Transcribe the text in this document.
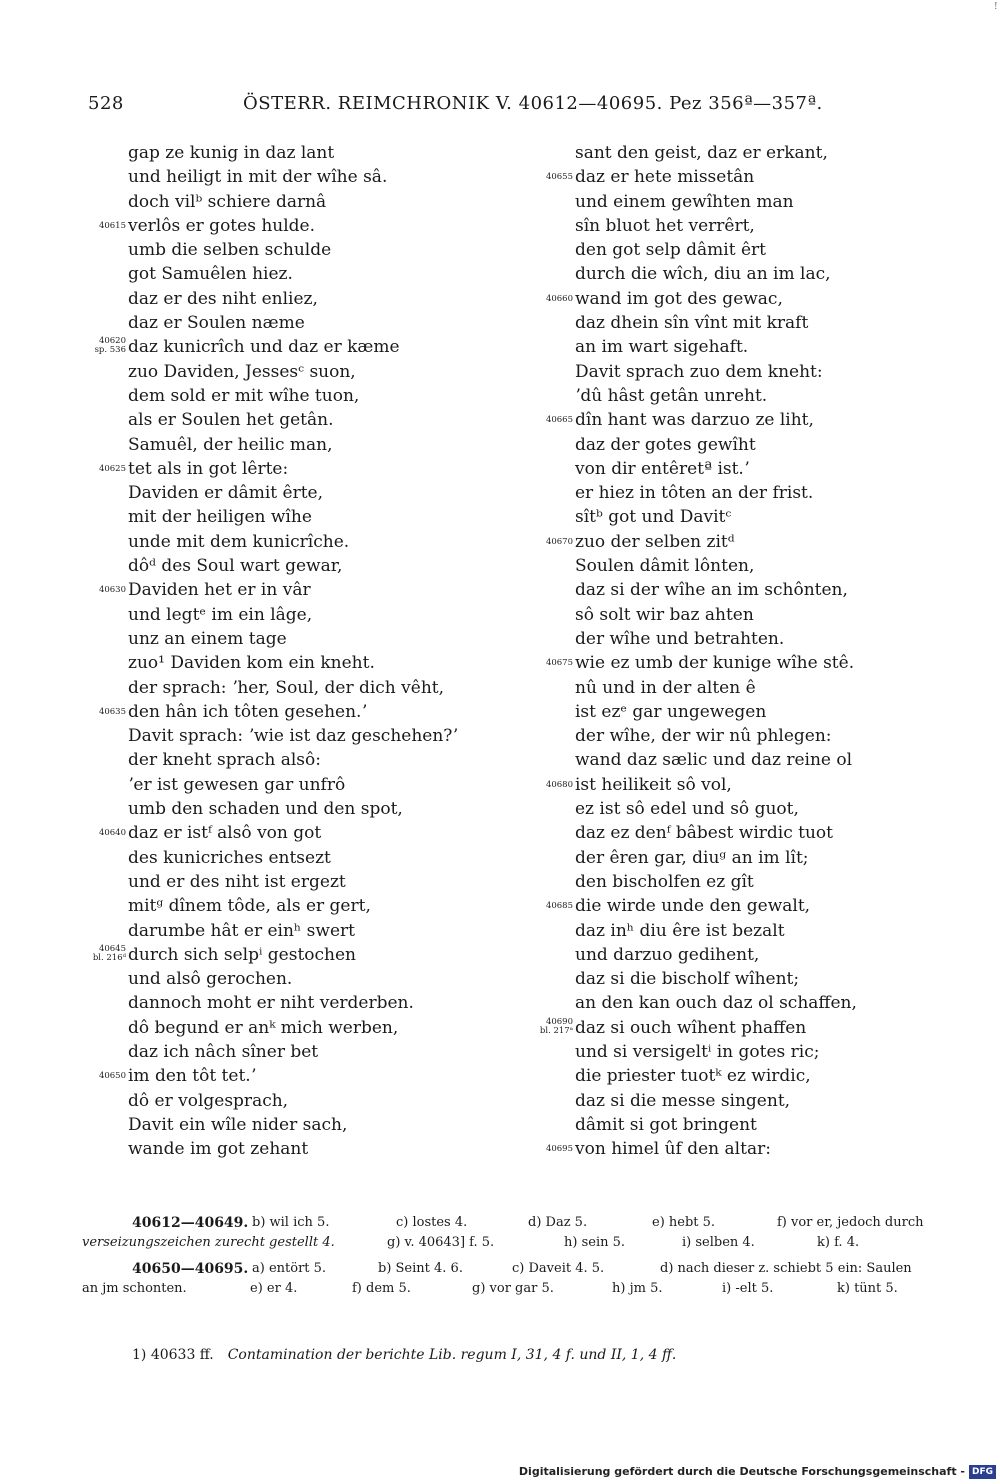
!
528	ÖSTERR. REIMCHRONIK V. 40612—40695. Pez 356ª—357ª.
gap ze kunig in daz lant
und heiligt in mit der wîhe sâ.
doch vilᵇ schiere darnâ
40615 verlôs er gotes hulde.
umb die selben schulde
got Samuêlen hiez.
daz er des niht enliez,
daz er Soulen næme
40620
sp. 536 daz kunicrîch und daz er kæme
zuo Daviden, Jessesᶜ suon,
dem sold er mit wîhe tuon,
als er Soulen het getân.
Samuêl, der heilic man,
40625 tet als in got lêrte:
Daviden er dâmit êrte,
mit der heiligen wîhe
unde mit dem kunicrîche.
dôᵈ des Soul wart gewar,
40630 Daviden het er in vâr
und legtᵉ im ein lâge,
unz an einem tage
zuo¹ Daviden kom ein kneht.
der sprach: ʼher, Soul, der dich vêht,
40635 den hân ich tôten gesehen.ʼ
Davit sprach: ʼwie ist daz geschehen?ʼ
der kneht sprach alsô:
ʼer ist gewesen gar unfrô
umb den schaden und den spot,
40640 daz er istᶠ alsô von got
des kunicriches entsezt
und er des niht ist ergezt
mitᵍ dînem tôde, als er gert,
darumbe hât er einʰ swert
40645
bl. 216ᵈ durch sich selpⁱ gestochen
und alsô gerochen.
dannoch moht er niht verderben.
dô begund er anᵏ mich werben,
daz ich nâch sîner bet
40650 im den tôt tet.ʼ
dô er volgesprach,
Davit ein wîle nider sach,
wande im got zehant
sant den geist, daz er erkant,
40655 daz er hete missetân
und einem gewîhten man
sîn bluot het verrêrt,
den got selp dâmit êrt
durch die wîch, diu an im lac,
40660 wand im got des gewac,
daz dhein sîn vînt mit kraft
an im wart sigehaft.
Davit sprach zuo dem kneht:
ʼdû hâst getân unreht.
40665 dîn hant was darzuo ze liht,
daz der gotes gewîht
von dir entêretª ist.ʼ
er hiez in tôten an der frist.
sîtᵇ got und Davitᶜ
40670 zuo der selben zitᵈ
Soulen dâmit lônten,
daz si der wîhe an im schônten,
sô solt wir baz ahten
der wîhe und betrahten.
40675 wie ez umb der kunige wîhe stê.
nû und in der alten ê
ist ezᵉ gar ungewegen
der wîhe, der wir nû phlegen:
wand daz sælic und daz reine ol
40680 ist heilikeit sô vol,
ez ist sô edel und sô guot,
daz ez denᶠ bâbest wirdic tuot
der êren gar, diuᵍ an im lît;
den bischolfen ez gît
40685 die wirde unde den gewalt,
daz inʰ diu êre ist bezalt
und darzuo gedihent,
daz si die bischolf wîhent;
an den kan ouch daz ol schaffen,
40690
bl. 217ᵃ daz si ouch wîhent phaffen
und si versigeltⁱ in gotes ric;
die priester tuotᵏ ez wirdic,
daz si die messe singent,
dâmit si got bringent
40695 von himel ûf den altar:
40612—40649. b) wil ich 5.	c) lostes 4.	d) Daz 5.	e) hebt 5.	f) vor er, jedoch durch
verseizungszeichen zurecht gestellt 4.	g) v. 40643] f. 5.	h) sein 5.	i) selben 4.	k) f. 4.
40650—40695. a) entört 5.	b) Seint 4. 6.	c) Daveit 4. 5.	d) nach dieser z. schiebt 5 ein: Saulen
an jm schonten.	e) er 4.	f) dem 5.	g) vor gar 5.	h) jm 5.	i) -elt 5.	k) tünt 5.
1) 40633 ff. Contamination der berichte Lib. regum I, 31, 4 f. und II, 1, 4 ff.
Digitalisierung gefördert durch die Deutsche Forschungsgemeinschaft - DFG
